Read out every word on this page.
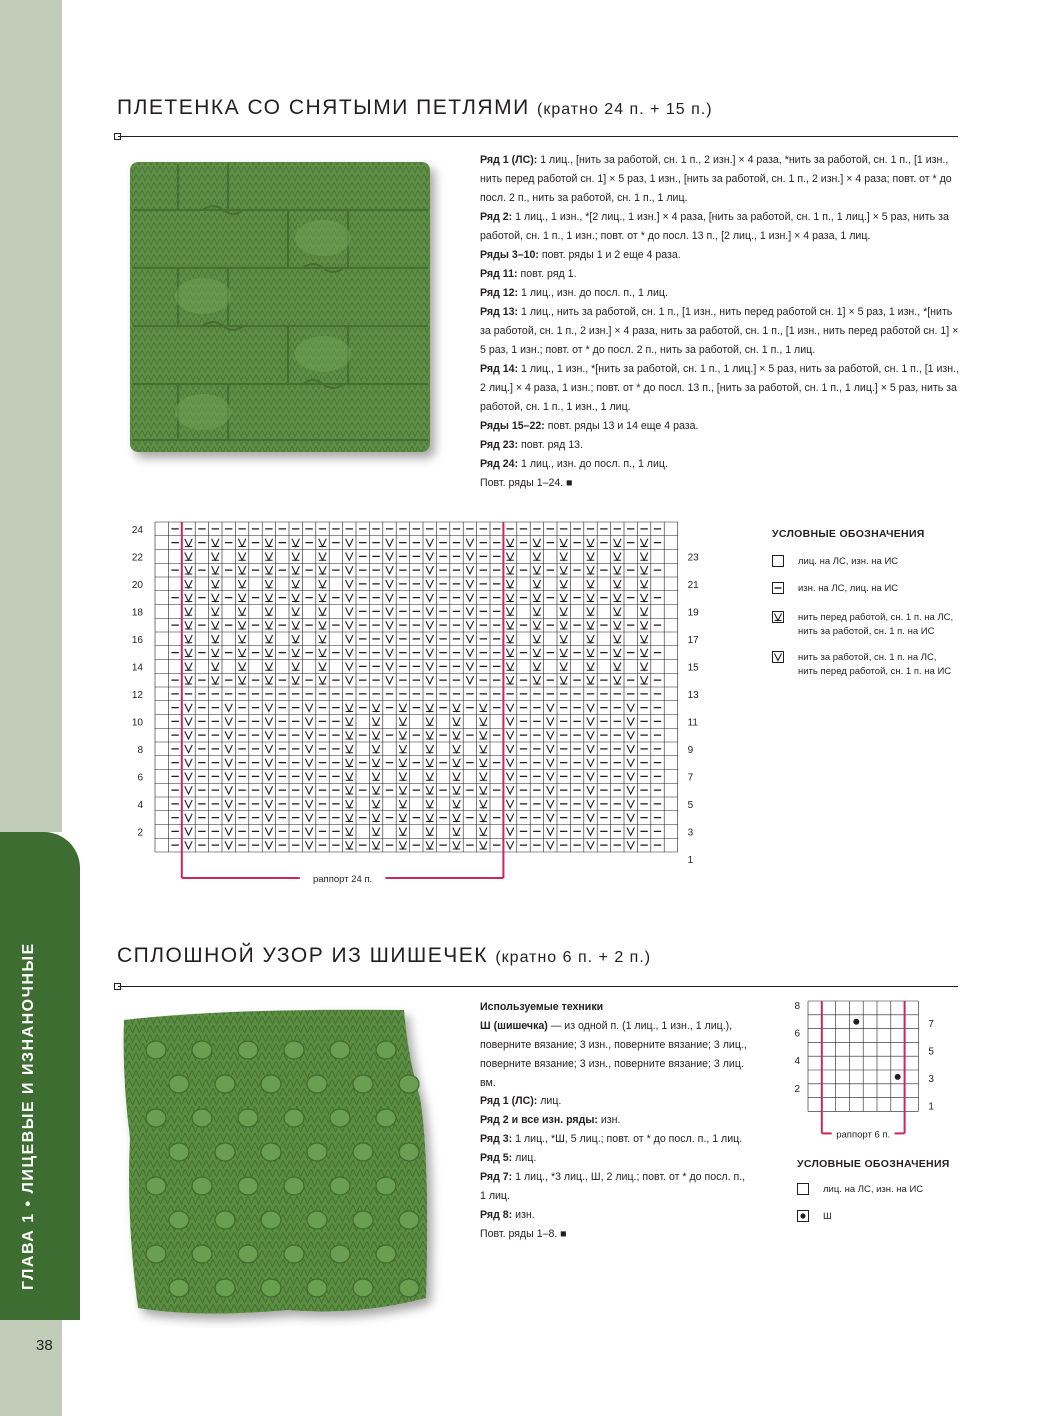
ГЛАВА 1 • ЛИЦЕВЫЕ И ИЗНАНОЧНЫЕ
38
ПЛЕТЕНКА СО СНЯТЫМИ ПЕТЛЯМИ (кратно 24 п. + 15 п.)

Ряд 1 (ЛС): 1 лиц., [нить за работой, сн. 1 п., 2 изн.] × 4 раза, *нить за работой, сн. 1 п., [1 изн., нить перед работой сн. 1] × 5 раз, 1 изн., [нить за работой, сн. 1 п., 2 изн.] × 4 раза; повт. от * до посл. 2 п., нить за работой, сн. 1 п., 1 лиц.

Ряд 2: 1 лиц., 1 изн., *[2 лиц., 1 изн.] × 4 раза, [нить за работой, сн. 1 п., 1 лиц.] × 5 раз, нить за работой, сн. 1 п., 1 изн.; повт. от * до посл. 13 п., [2 лиц., 1 изн.] × 4 раза, 1 лиц.

Ряды 3–10: повт. ряды 1 и 2 еще 4 раза.

Ряд 11: повт. ряд 1.

Ряд 12: 1 лиц., изн. до посл. п., 1 лиц.

Ряд 13: 1 лиц., нить за работой, сн. 1 п., [1 изн., нить перед работой сн. 1] × 5 раз, 1 изн., *[нить за работой, сн. 1 п., 2 изн.] × 4 раза, нить за работой, сн. 1 п., [1 изн., нить перед работой сн. 1] × 5 раз, 1 изн.; повт. от * до посл. 2 п., нить за работой, сн. 1 п., 1 лиц.

Ряд 14: 1 лиц., 1 изн., *[нить за работой, сн. 1 п., 1 лиц.] × 5 раз, нить за работой, сн. 1 п., [1 изн., 2 лиц.] × 4 раза, 1 изн.; повт. от * до посл. 13 п., [нить за работой, сн. 1 п., 1 лиц.] × 5 раз, нить за работой, сн. 1 п., 1 изн., 1 лиц.

Ряды 15–22: повт. ряды 13 и 14 еще 4 раза.

Ряд 23: повт. ряд 13.

Ряд 24: 1 лиц., изн. до посл. п., 1 лиц.

Повт. ряды 1–24. ■

24
22
20
18
16
14
12
10
8
6
4
2
23
21
19
17
15
13
11
9
7
5
3
1
раппорт 24 п.
УСЛОВНЫЕ ОБОЗНАЧЕНИЯ
лиц. на ЛС, изн. на ИС
изн. на ЛС, лиц. на ИС
нить перед работой, сн. 1 п. на ЛС,
нить за работой, сн. 1 п. на ИС
нить за работой, сн. 1 п. на ЛС,
нить перед работой, сн. 1 п. на ИС
СПЛОШНОЙ УЗОР ИЗ ШИШЕЧЕК (кратно 6 п. + 2 п.)

Используемые техники

Ш (шишечка) — из одной п. (1 лиц., 1 изн., 1 лиц.), поверните вязание; 3 изн., поверните вязание; 3 лиц., поверните вязание; 3 изн., поверните вязание; 3 лиц. вм.

Ряд 1 (ЛС): лиц.

Ряд 2 и все изн. ряды: изн.

Ряд 3: 1 лиц., *Ш, 5 лиц.; повт. от * до посл. п., 1 лиц.

Ряд 5: лиц.

Ряд 7: 1 лиц., *3 лиц., Ш, 2 лиц.; повт. от * до посл. п., 1 лиц.

Ряд 8: изн.

Повт. ряды 1–8. ■

8
6
4
2
7
5
3
1
раппорт 6 п.
УСЛОВНЫЕ ОБОЗНАЧЕНИЯ
лиц. на ЛС, изн. на ИС
Ш
